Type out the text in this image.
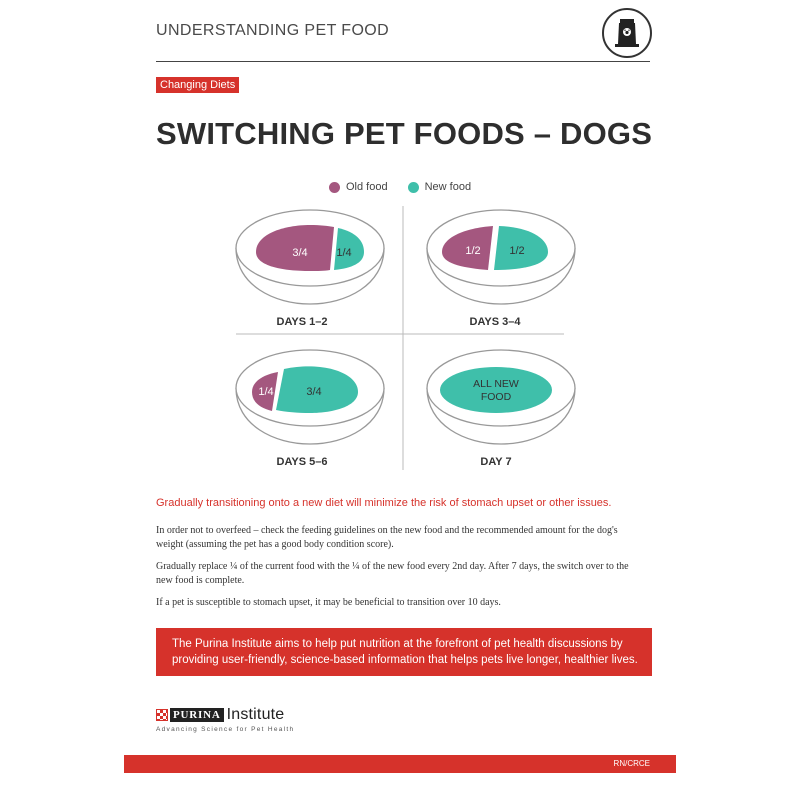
UNDERSTANDING PET FOOD
Changing Diets
SWITCHING PET FOODS – DOGS
Old food	New food
3/4	1/4
DAYS 1–2
1/2	1/2
DAYS 3–4
1/4	3/4
DAYS 5–6
ALL NEW
FOOD
DAY 7
Gradually transitioning onto a new diet will minimize the risk of stomach upset or other issues.

In order not to overfeed – check the feeding guidelines on the new food and the recommended amount for the dog's weight (assuming the pet has a good body condition score).

Gradually replace ¼ of the current food with the ¼ of the new food every 2nd day. After 7 days, the switch over to the new food is complete.

If a pet is susceptible to stomach upset, it may be beneficial to transition over 10 days.

The Purina Institute aims to help put nutrition at the forefront of pet health discussions by providing user-friendly, science-based information that helps pets live longer, healthier lives.
PURINA Institute
Advancing Science for Pet Health
RN/CRCE
